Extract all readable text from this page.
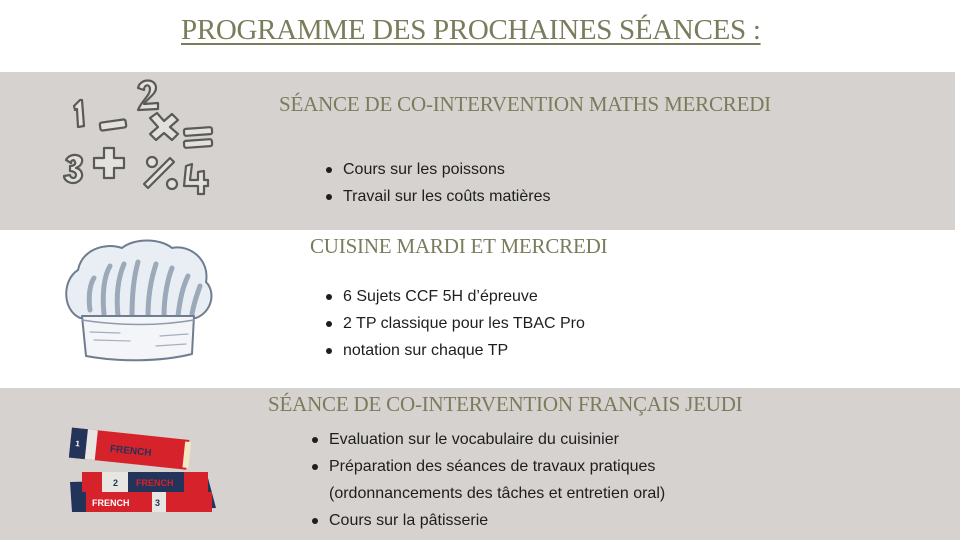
PROGRAMME DES PROCHAINES SÉANCES :
SÉANCE DE CO-INTERVENTION MATHS MERCREDI
Cours sur les poissons
Travail sur les coûts matières
CUISINE MARDI ET MERCREDI
6 Sujets CCF 5H d’épreuve
2 TP classique pour les TBAC Pro
notation sur chaque TP
FRENCH	3
2 FRENCH
1	FRENCH
SÉANCE DE CO-INTERVENTION FRANÇAIS JEUDI
Evaluation sur le vocabulaire du cuisinier
Préparation des séances de travaux pratiques
(ordonnancements des tâches et entretien oral)
Cours sur la pâtisserie
